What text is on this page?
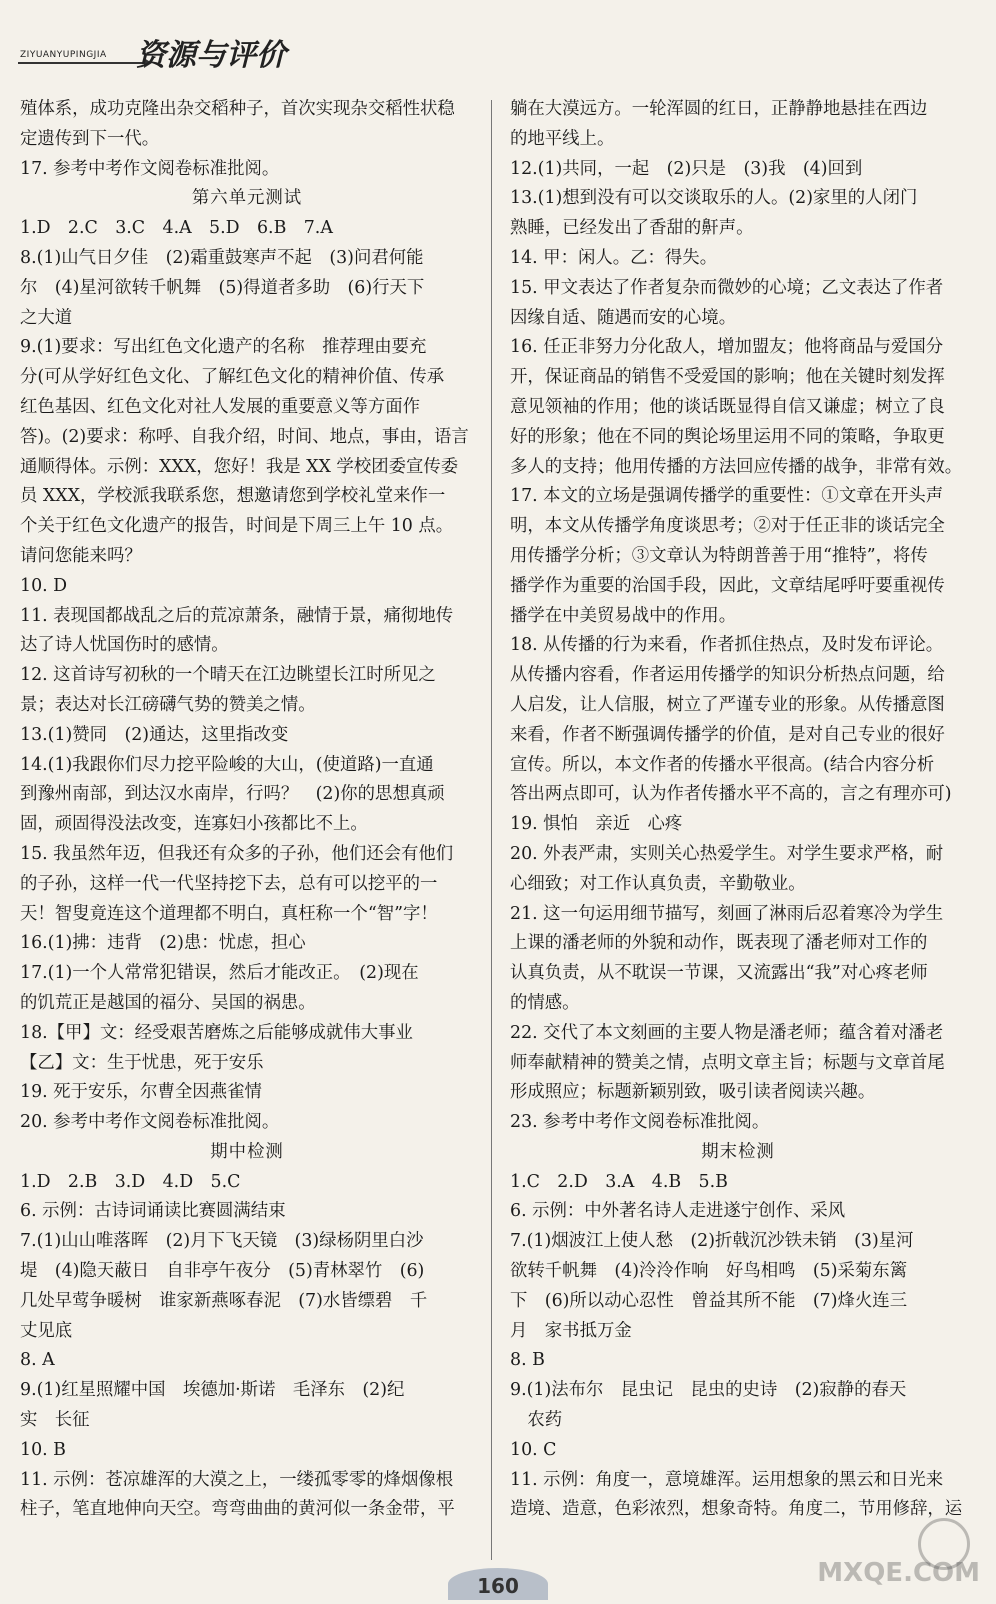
ZIYUANYUPINGJIA 资源与评价
殖体系，成功克隆出杂交稻种子，首次实现杂交稻性状稳
定遗传到下一代。
17. 参考中考作文阅卷标准批阅。
第六单元测试
1.D　2.C　3.C　4.A　5.D　6.B　7.A
8.(1)山气日夕佳　(2)霜重鼓寒声不起　(3)问君何能
尔　(4)星河欲转千帆舞　(5)得道者多助　(6)行天下
之大道
9.(1)要求：写出红色文化遗产的名称　推荐理由要充
分(可从学好红色文化、了解红色文化的精神价值、传承
红色基因、红色文化对社人发展的重要意义等方面作
答)。(2)要求：称呼、自我介绍，时间、地点，事由，语言
通顺得体。示例：XXX，您好！我是 XX 学校团委宣传委
员 XXX，学校派我联系您，想邀请您到学校礼堂来作一
个关于红色文化遗产的报告，时间是下周三上午 10 点。
请问您能来吗？
10. D
11. 表现国都战乱之后的荒凉萧条，融情于景，痛彻地传
达了诗人忧国伤时的感情。
12. 这首诗写初秋的一个晴天在江边眺望长江时所见之
景；表达对长江磅礴气势的赞美之情。
13.(1)赞同　(2)通达，这里指改变
14.(1)我跟你们尽力挖平险峻的大山，(使道路)一直通
到豫州南部，到达汉水南岸，行吗？　(2)你的思想真顽
固，顽固得没法改变，连寡妇小孩都比不上。
15. 我虽然年迈，但我还有众多的子孙，他们还会有他们
的子孙，这样一代一代坚持挖下去，总有可以挖平的一
天！智叟竟连这个道理都不明白，真枉称一个“智”字！
16.(1)拂：违背　(2)患：忧虑，担心
17.(1)一个人常常犯错误，然后才能改正。　(2)现在
的饥荒正是越国的福分、吴国的祸患。
18.【甲】文：经受艰苦磨炼之后能够成就伟大事业
【乙】文：生于忧患，死于安乐
19. 死于安乐，尔曹全因燕雀情
20. 参考中考作文阅卷标准批阅。
期中检测
1.D　2.B　3.D　4.D　5.C
6. 示例：古诗词诵读比赛圆满结束
7.(1)山山唯落晖　(2)月下飞天镜　(3)绿杨阴里白沙
堤　(4)隐天蔽日　自非亭午夜分　(5)青林翠竹　(6)
几处早莺争暖树　谁家新燕啄春泥　(7)水皆缥碧　千
丈见底
8. A
9.(1)红星照耀中国　埃德加·斯诺　毛泽东　(2)纪
实　长征
10. B
11. 示例：苍凉雄浑的大漠之上，一缕孤零零的烽烟像根
柱子，笔直地伸向天空。弯弯曲曲的黄河似一条金带，平
躺在大漠远方。一轮浑圆的红日，正静静地悬挂在西边
的地平线上。
12.(1)共同，一起　(2)只是　(3)我　(4)回到
13.(1)想到没有可以交谈取乐的人。(2)家里的人闭门
熟睡，已经发出了香甜的鼾声。
14. 甲：闲人。乙：得失。
15. 甲文表达了作者复杂而微妙的心境；乙文表达了作者
因缘自适、随遇而安的心境。
16. 任正非努力分化敌人，增加盟友；他将商品与爱国分
开，保证商品的销售不受爱国的影响；他在关键时刻发挥
意见领袖的作用；他的谈话既显得自信又谦虚；树立了良
好的形象；他在不同的舆论场里运用不同的策略，争取更
多人的支持；他用传播的方法回应传播的战争，非常有效。
17. 本文的立场是强调传播学的重要性：①文章在开头声
明，本文从传播学角度谈思考；②对于任正非的谈话完全
用传播学分析；③文章认为特朗普善于用“推特”，将传
播学作为重要的治国手段，因此，文章结尾呼吁要重视传
播学在中美贸易战中的作用。
18. 从传播的行为来看，作者抓住热点，及时发布评论。
从传播内容看，作者运用传播学的知识分析热点问题，给
人启发，让人信服，树立了严谨专业的形象。从传播意图
来看，作者不断强调传播学的价值，是对自己专业的很好
宣传。所以，本文作者的传播水平很高。(结合内容分析
答出两点即可，认为作者传播水平不高的，言之有理亦可)
19. 惧怕　亲近　心疼
20. 外表严肃，实则关心热爱学生。对学生要求严格，耐
心细致；对工作认真负责，辛勤敬业。
21. 这一句运用细节描写，刻画了淋雨后忍着寒冷为学生
上课的潘老师的外貌和动作，既表现了潘老师对工作的
认真负责，从不耽误一节课，又流露出“我”对心疼老师
的情感。
22. 交代了本文刻画的主要人物是潘老师；蕴含着对潘老
师奉献精神的赞美之情，点明文章主旨；标题与文章首尾
形成照应；标题新颖别致，吸引读者阅读兴趣。
23. 参考中考作文阅卷标准批阅。
期末检测
1.C　2.D　3.A　4.B　5.B
6. 示例：中外著名诗人走进遂宁创作、采风
7.(1)烟波江上使人愁　(2)折戟沉沙铁未销　(3)星河
欲转千帆舞　(4)泠泠作响　好鸟相鸣　(5)采菊东篱
下　(6)所以动心忍性　曾益其所不能　(7)烽火连三
月　家书抵万金
8. B
9.(1)法布尔　昆虫记　昆虫的史诗　(2)寂静的春天
　农药
10. C
11. 示例：角度一，意境雄浑。运用想象的黑云和日光来
造境、造意，色彩浓烈，想象奇特。角度二，节用修辞，运
160	MXQE.COM
